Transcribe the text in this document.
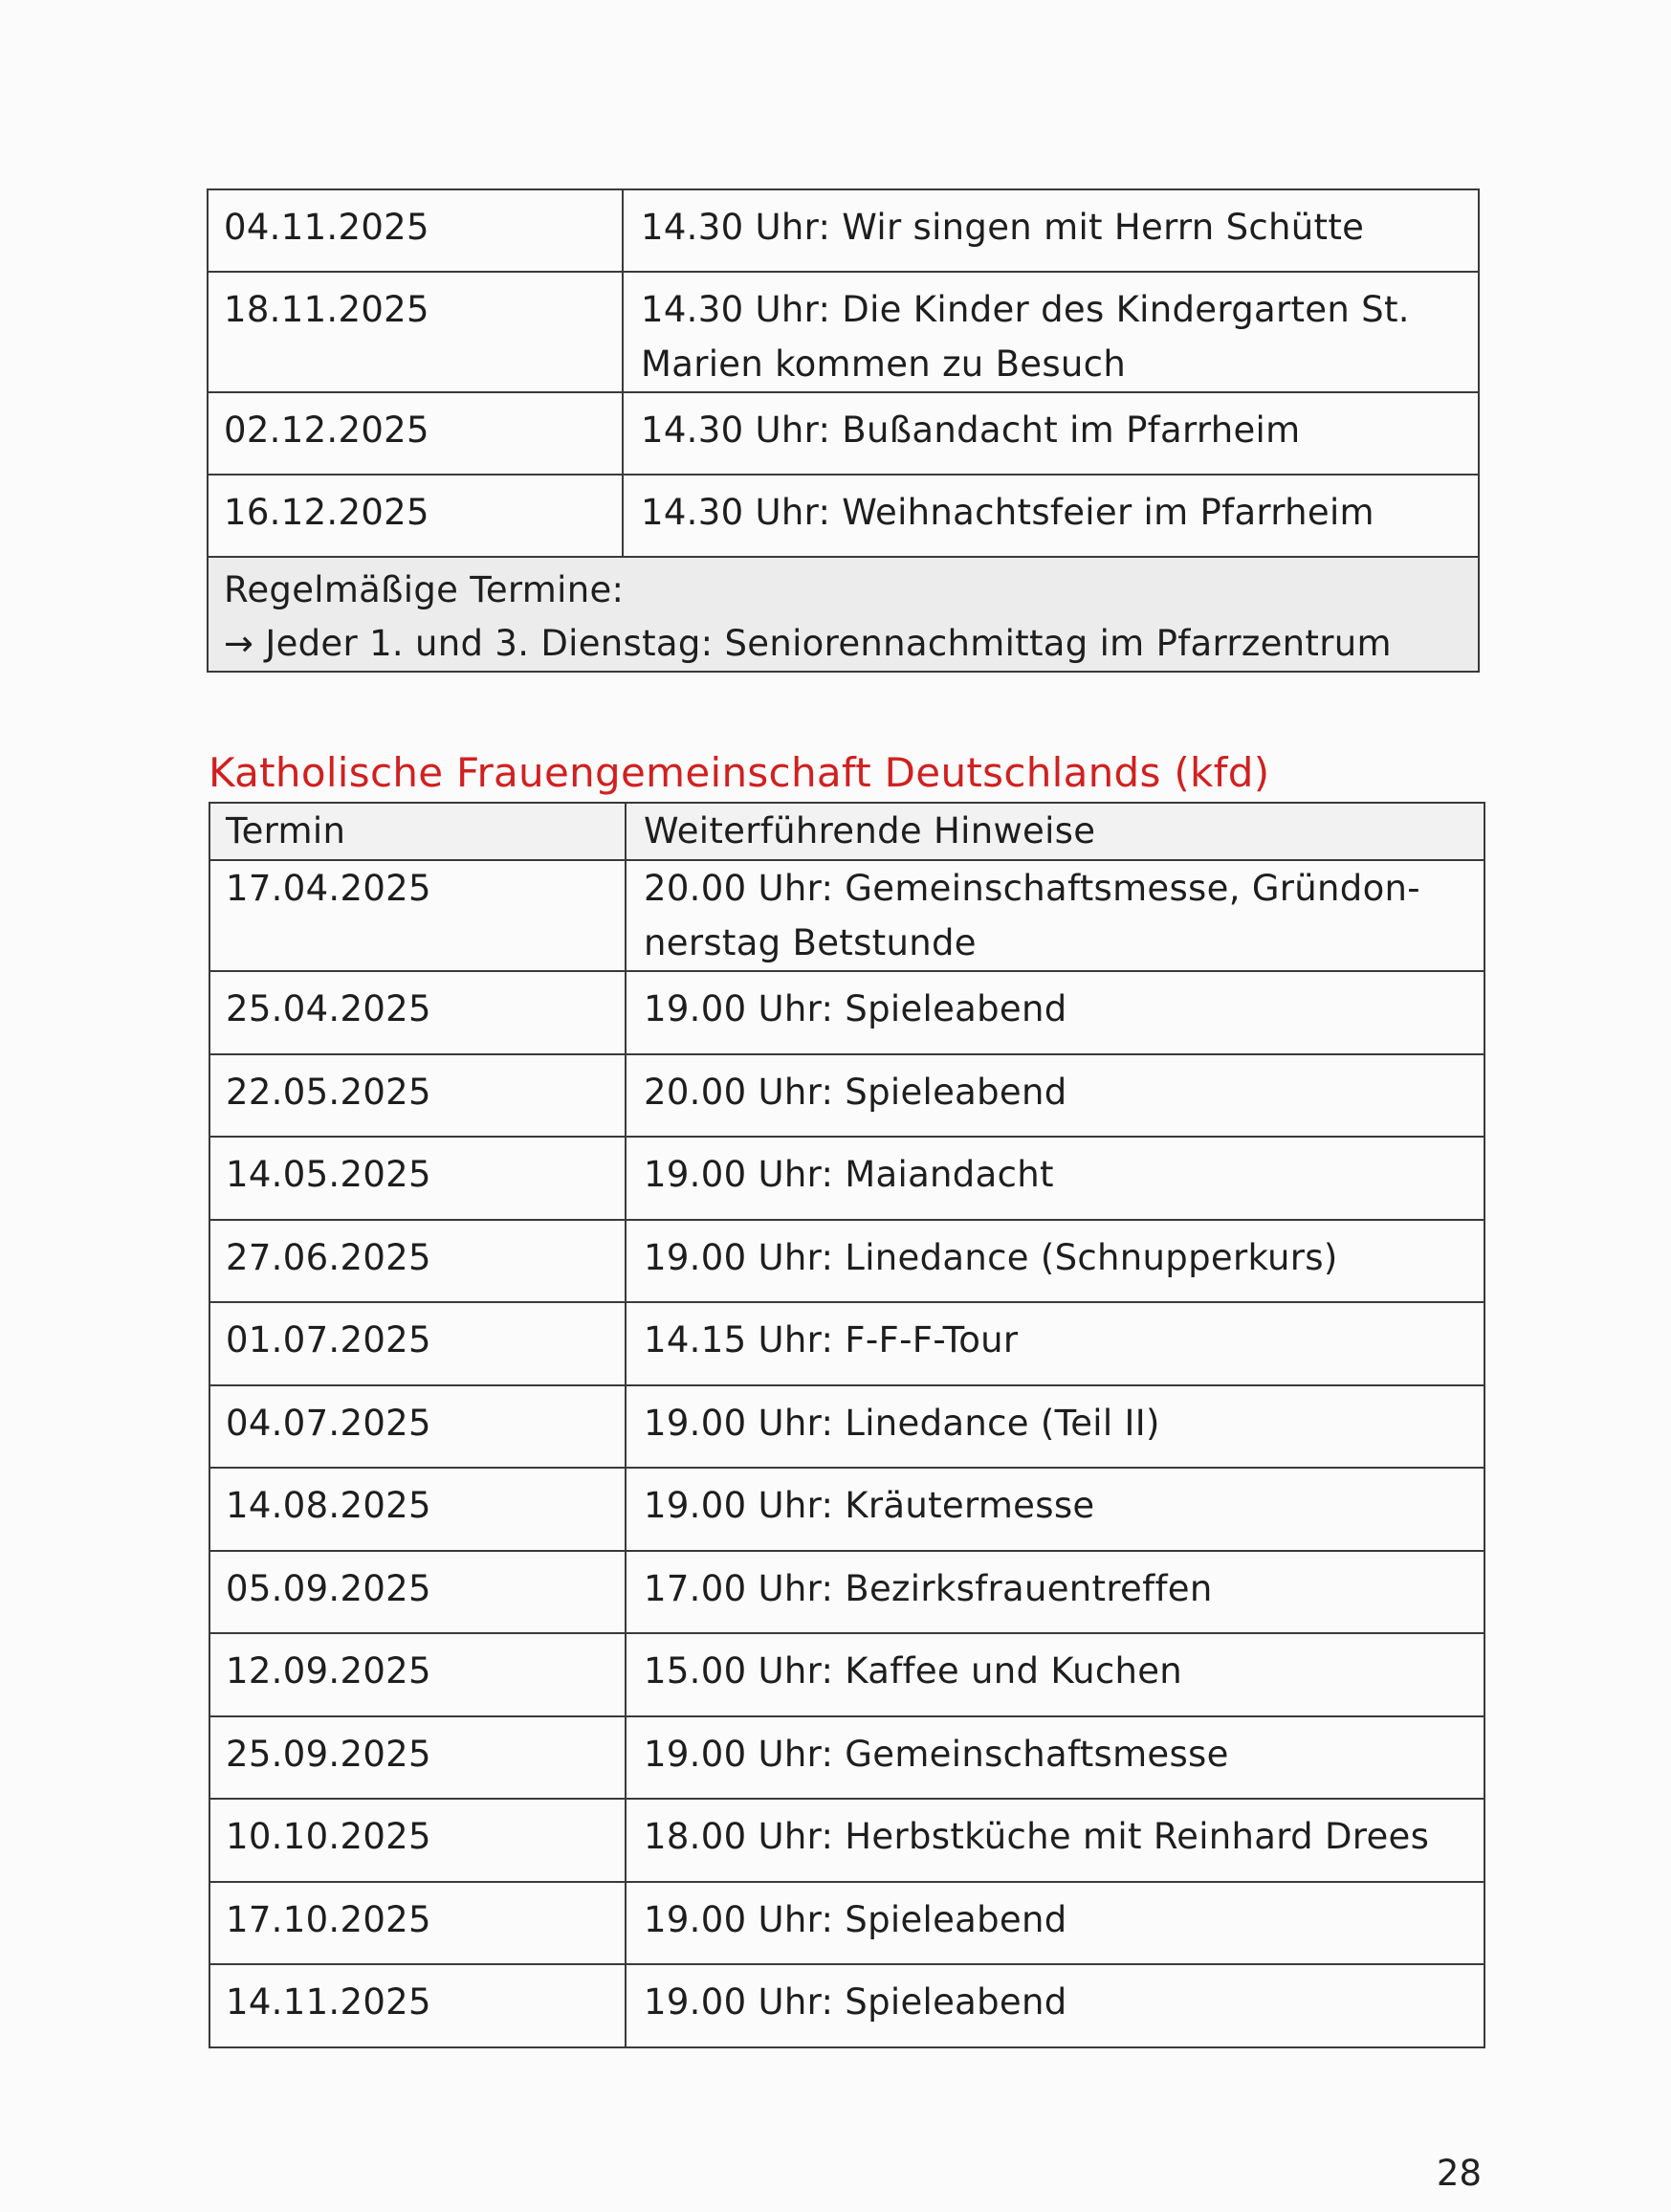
04.11.2025	14.30 Uhr: Wir singen mit Herrn Schütte
18.11.2025	14.30 Uhr: Die Kinder des Kindergarten St.
Marien kommen zu Besuch
02.12.2025	14.30 Uhr: Bußandacht im Pfarrheim
16.12.2025	14.30 Uhr: Weihnachtsfeier im Pfarrheim

Regelmäßige Termine:
→ Jeder 1. und 3. Dienstag: Seniorennachmittag im Pfarrzentrum	
Katholische Frauengemeinschaft Deutschlands (kfd)
Termin	Weiterführende Hinweise
17.04.2025	20.00 Uhr: Gemeinschaftsmesse, Gründon-
nerstag Betstunde
25.04.2025	19.00 Uhr: Spieleabend
22.05.2025	20.00 Uhr: Spieleabend
14.05.2025	19.00 Uhr: Maiandacht
27.06.2025	19.00 Uhr: Linedance (Schnupperkurs)
01.07.2025	14.15 Uhr: F-F-F-Tour
04.07.2025	19.00 Uhr: Linedance (Teil II)
14.08.2025	19.00 Uhr: Kräutermesse
05.09.2025	17.00 Uhr: Bezirksfrauentreffen
12.09.2025	15.00 Uhr: Kaffee und Kuchen
25.09.2025	19.00 Uhr: Gemeinschaftsmesse
10.10.2025	18.00 Uhr: Herbstküche mit Reinhard Drees
17.10.2025	19.00 Uhr: Spieleabend
14.11.2025	19.00 Uhr: Spieleabend
28
